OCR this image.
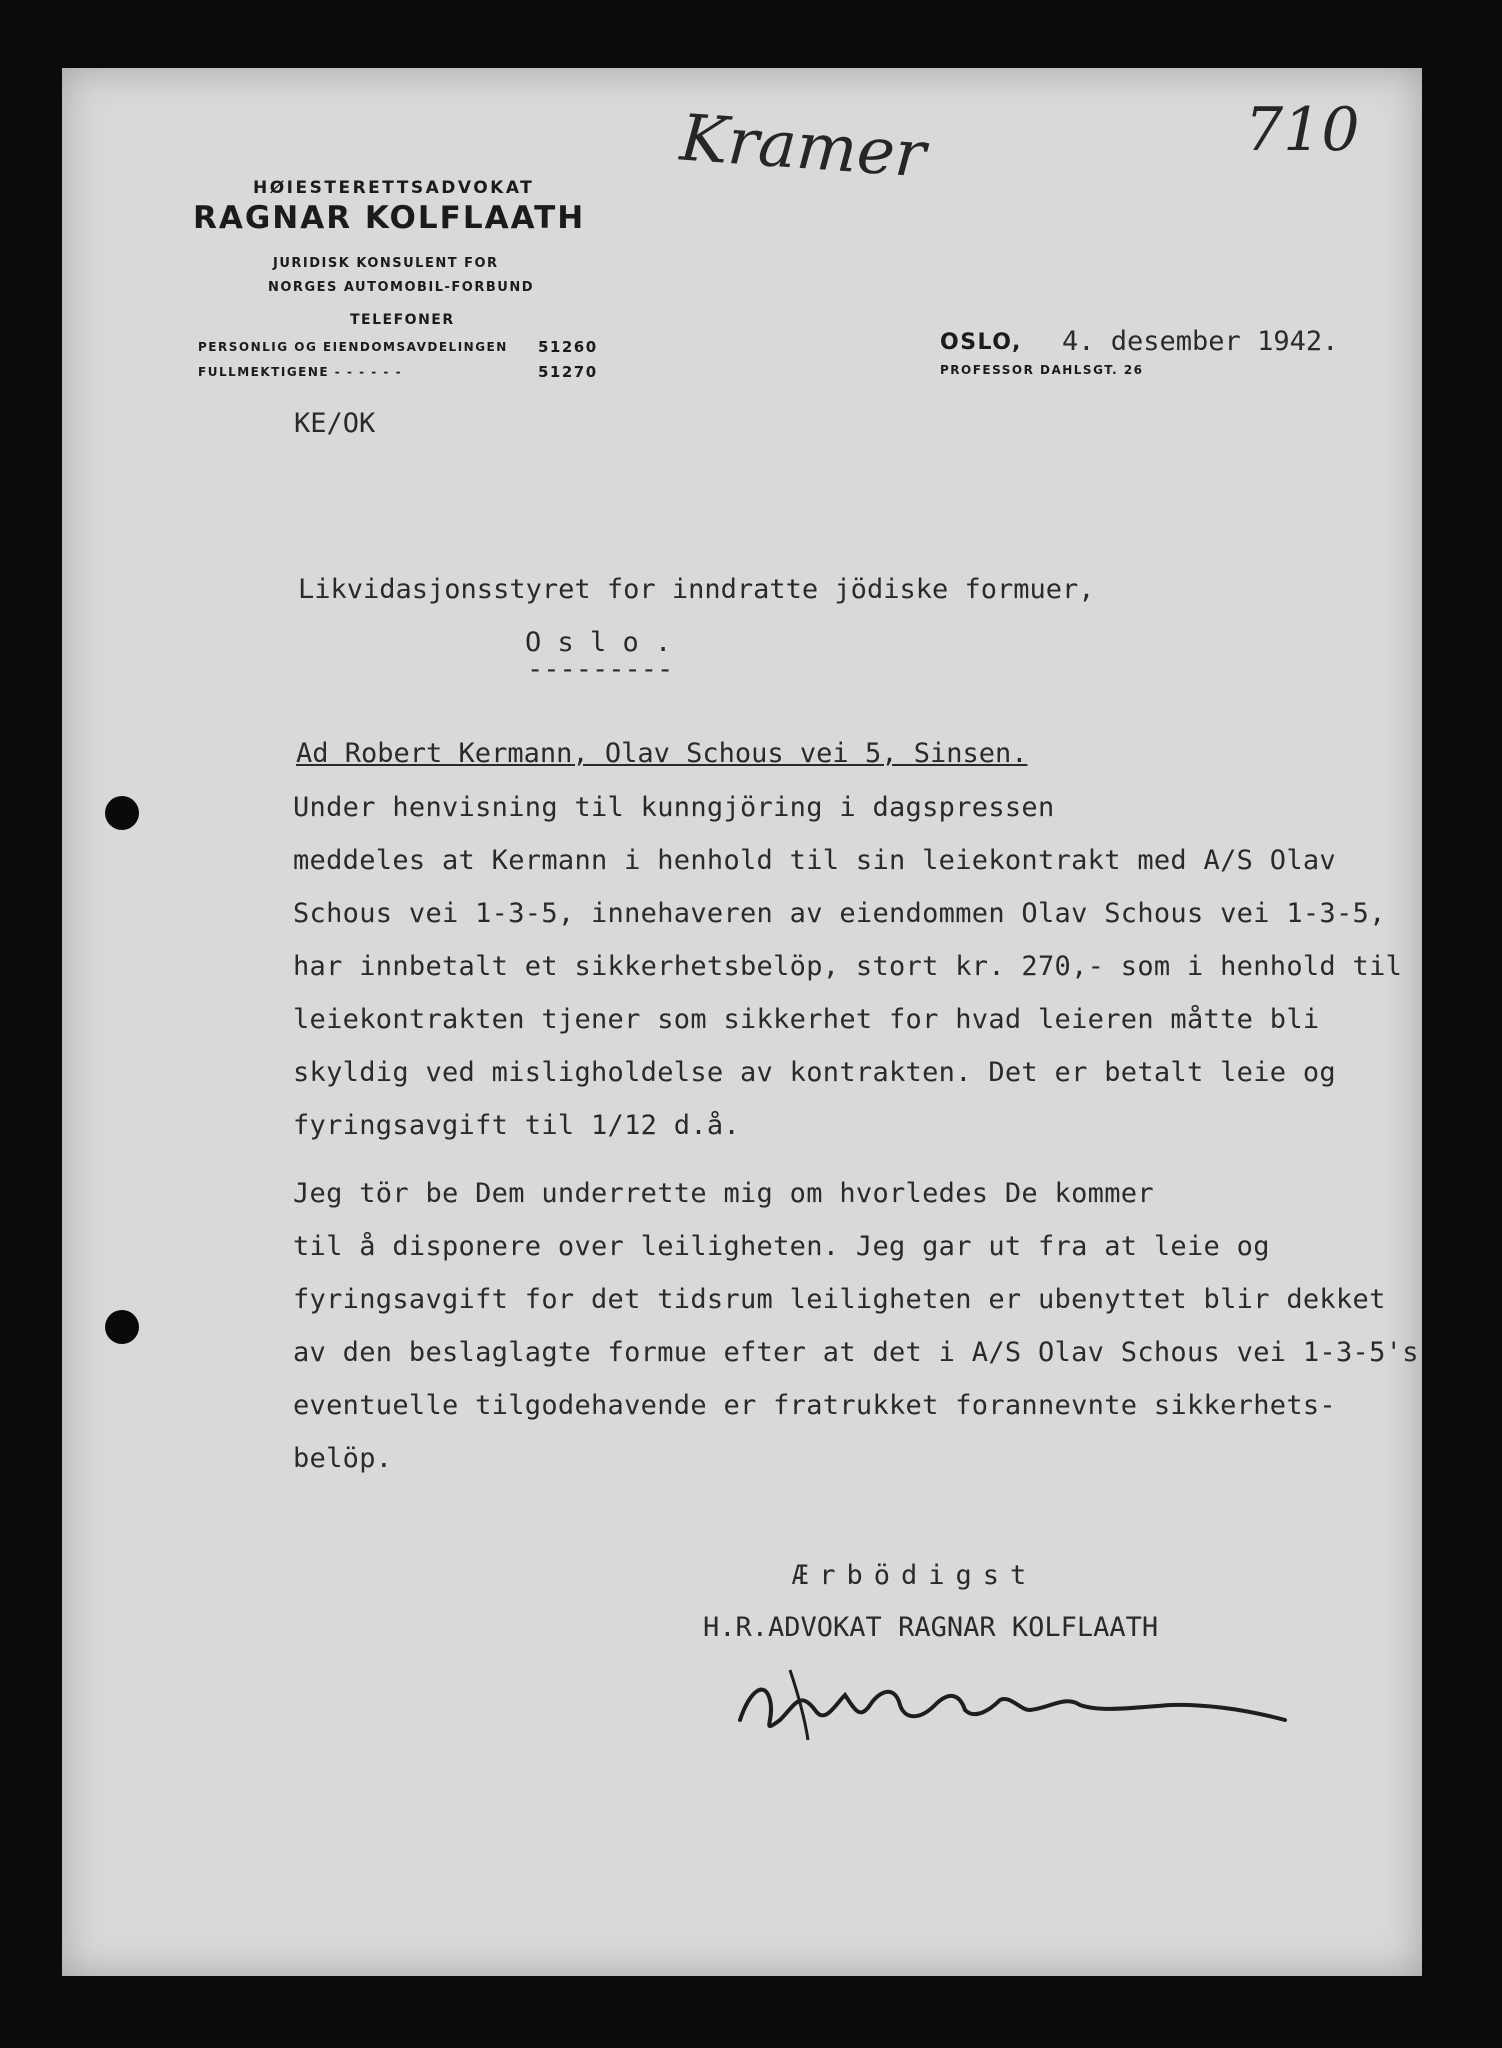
HØIESTERETTSADVOKAT
RAGNAR KOLFLAATH
JURIDISK KONSULENT FOR
NORGES AUTOMOBIL-FORBUND
TELEFONER
PERSONLIG OG EIENDOMSAVDELINGEN 51260
FULLMEKTIGENE - - - - - -	51270
Kramer	710
OSLO, 4. desember 1942.
PROFESSOR DAHLSGT. 26
KE/OK
Likvidasjonsstyret for inndratte jödiske formuer,
O s l o .
---------
Ad Robert Kermann, Olav Schous vei 5, Sinsen.
Under henvisning til kunngjöring i dagspressen
meddeles at Kermann i henhold til sin leiekontrakt med A/S Olav
Schous vei 1-3-5, innehaveren av eiendommen Olav Schous vei 1-3-5,
har innbetalt et sikkerhetsbelöp, stort kr. 270,- som i henhold til
leiekontrakten tjener som sikkerhet for hvad leieren måtte bli
skyldig ved misligholdelse av kontrakten. Det er betalt leie og
fyringsavgift til 1/12 d.å.
Jeg tör be Dem underrette mig om hvorledes De kommer
til å disponere over leiligheten. Jeg gar ut fra at leie og
fyringsavgift for det tidsrum leiligheten er ubenyttet blir dekket
av den beslaglagte formue efter at det i A/S Olav Schous vei 1-3-5's
eventuelle tilgodehavende er fratrukket forannevnte sikkerhets-
belöp.
Ærbödigst
H.R.ADVOKAT RAGNAR KOLFLAATH
